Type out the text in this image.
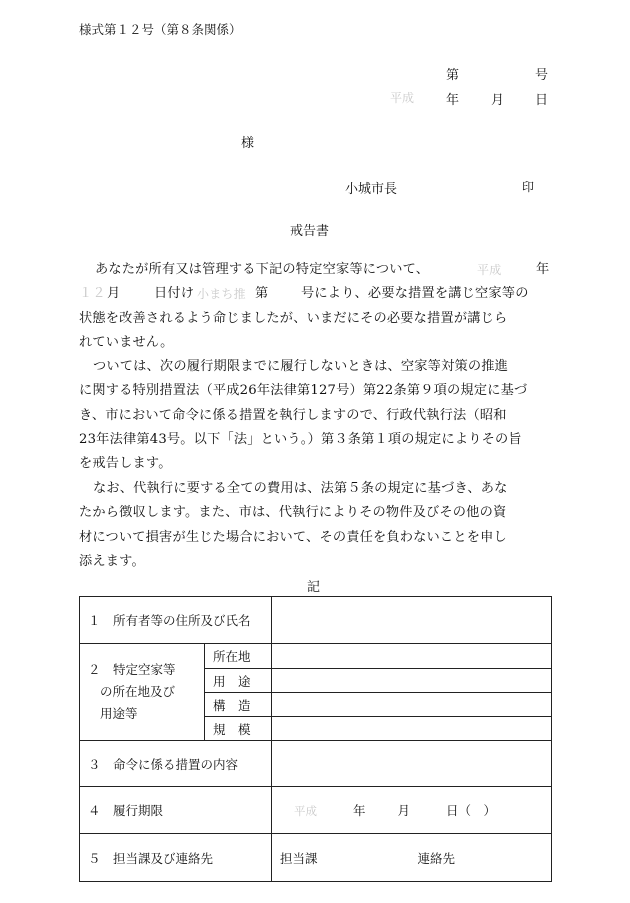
様式第１２号（第８条関係）
第	号
平成 年 月 日
様
小城市長	印
戒告書
あなたが所有又は管理する下記の特定空家等について、	平成	年
１２ 月	日付け 小まち推 第 号により、必要な措置を講じ空家等の
状態を改善されるよう命じましたが、いまだにその必要な措置が講じら
れていません。
ついては、次の履行期限までに履行しないときは、空家等対策の推進
に関する特別措置法（平成26年法律第127号）第22条第９項の規定に基づ
き、市において命令に係る措置を執行しますので、行政代執行法（昭和
23年法律第43号。以下「法」という。）第３条第１項の規定によりその旨
を戒告します。
なお、代執行に要する全ての費用は、法第５条の規定に基づき、あな
たから徴収します。また、市は、代執行によりその物件及びその他の資
材について損害が生じた場合において、その責任を負わないことを申し
添えます。
記
１　所有者等の住所及び氏名		

２　特定空家等
の所在地及び
用途等	所在地	
	用　途	
	構　造	
	規　模	
３　命令に係る措置の内容		
４　履行期限		平成 年 月 日（　）
５　担当課及び連絡先		担当課 連絡先
